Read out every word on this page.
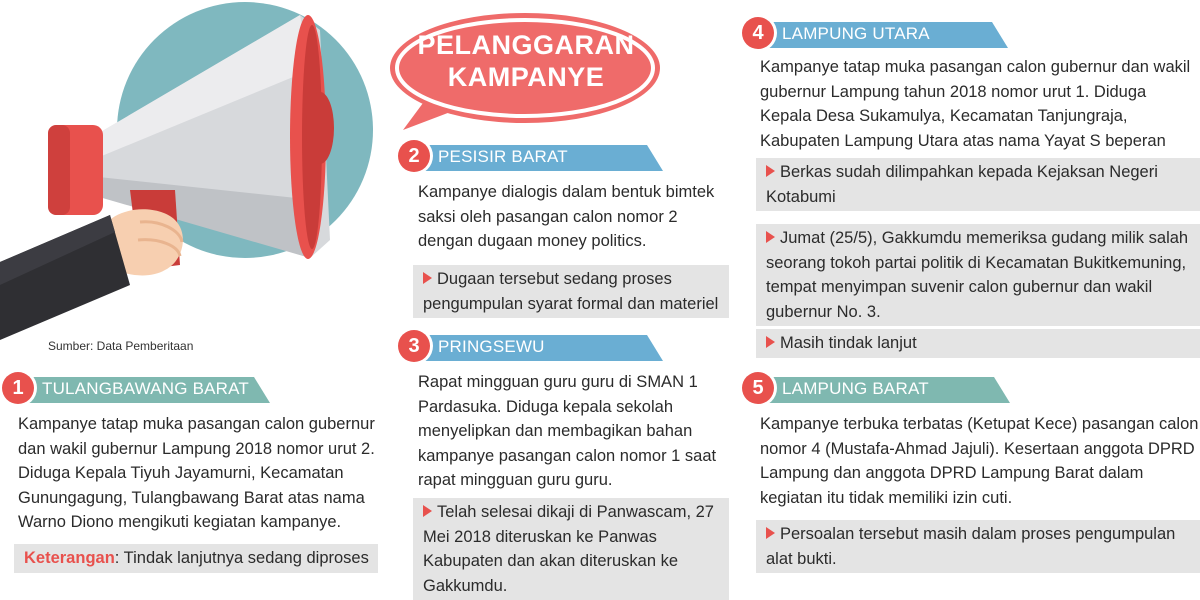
Sumber: Data Pemberitaan
PELANGGARAN
KAMPANYE
1	TULANGBAWANG BARAT
Kampanye tatap muka pasangan calon gubernur dan wakil gubernur Lampung 2018 nomor urut 2. Diduga Kepala Tiyuh Jayamurni, Kecamatan Gunungagung, Tulangbawang Barat atas nama Warno Diono mengikuti kegiatan kampanye.
Keterangan: Tindak lanjutnya sedang diproses
2	PESISIR BARAT
Kampanye dialogis dalam bentuk bimtek saksi oleh pasangan calon nomor 2 dengan dugaan money politics.
Dugaan tersebut sedang proses pengumpulan syarat formal dan materiel
3	PRINGSEWU
Rapat mingguan guru guru di SMAN 1 Pardasuka. Diduga kepala sekolah menyelipkan dan membagikan bahan kampanye pasangan calon nomor 1 saat rapat mingguan guru guru.
Telah selesai dikaji di Panwascam, 27 Mei 2018 diteruskan ke Panwas Kabupaten dan akan diteruskan ke Gakkumdu.
4	LAMPUNG UTARA
Kampanye tatap muka pasangan calon gubernur dan wakil gubernur Lampung tahun 2018 nomor urut 1. Diduga Kepala Desa Sukamulya, Kecamatan Tanjungraja, Kabupaten Lampung Utara atas nama Yayat S beperan
Berkas sudah dilimpahkan kepada Kejaksan Negeri Kotabumi
Jumat (25/5), Gakkumdu memeriksa gudang milik salah seorang tokoh partai politik di Kecamatan Bukitkemuning, tempat menyimpan suvenir calon gubernur dan wakil gubernur No. 3.
Masih tindak lanjut
5	LAMPUNG BARAT
Kampanye terbuka terbatas (Ketupat Kece) pasangan calon nomor 4 (Mustafa-Ahmad Jajuli). Kesertaan anggota DPRD Lampung dan anggota DPRD Lampung Barat dalam kegiatan itu tidak memiliki izin cuti.
Persoalan tersebut masih dalam proses pengumpulan alat bukti.
